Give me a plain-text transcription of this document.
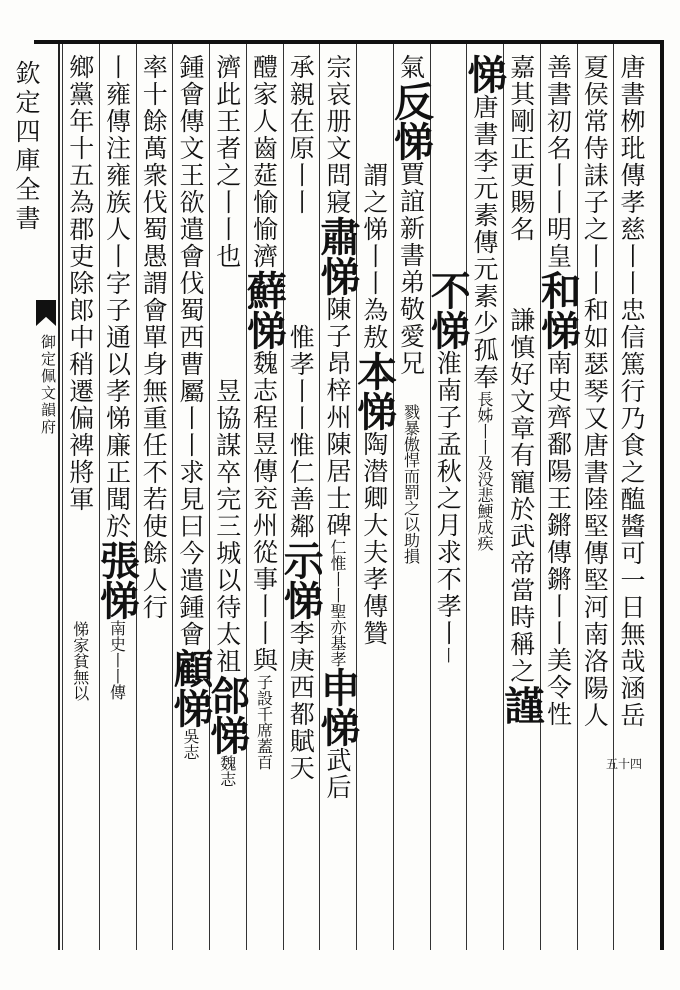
欽定四庫全書
御定佩文韻府	唐書栁玭傳孝慈丨丨忠信篤行乃食之醢醬可一日無哉涵岳
夏侯常侍誄子之丨丨和如瑟琴又唐書陸堅傳堅河南洛陽人
善書初名丨丨明皇和悌南史齊鄱陽王鏘傳鏘丨丨美令性
嘉其剛正更賜名　　　　謙慎好文章有寵於武帝當時稱之謹
悌唐書李元素傳元素少孤奉長姊丨丨及没悲鯁成疾
　　　　　　　　不悌淮南子孟秋之月求不孝丨丨
氣反悌賈誼新書弟敬愛兄　戮暴傲悍而罰之以助損
　　　　謂之悌丨丨為敖本悌陶潜卿大夫孝傳贊
宗哀册文問寢肅悌陳子昂梓州陳居士碑仁惟丨丨聖亦基孝申悌武后
承親在原丨丨　　　　惟孝丨丨惟仁善鄰示悌李庚西都賦天
醴家人齒莚愉愉濟蘚悌魏志程昱傳兖州從事丨丨與子設千席蓋百
濟此王者之丨丨也　　　　昱協謀卒完三城以待太祖郃悌魏志
鍾會傳文王欲遣會伐蜀西曹屬丨丨求見曰今遣鍾會顧悌吳志
率十餘萬衆伐蜀愚謂會單身無重任不若使餘人行
丨雍傳注雍族人丨字子通以孝悌廉正聞於張悌南史丨丨傳
鄉黨年十五為郡吏除郎中稍遷偏裨將軍　　　　悌家貧無以
五十四
